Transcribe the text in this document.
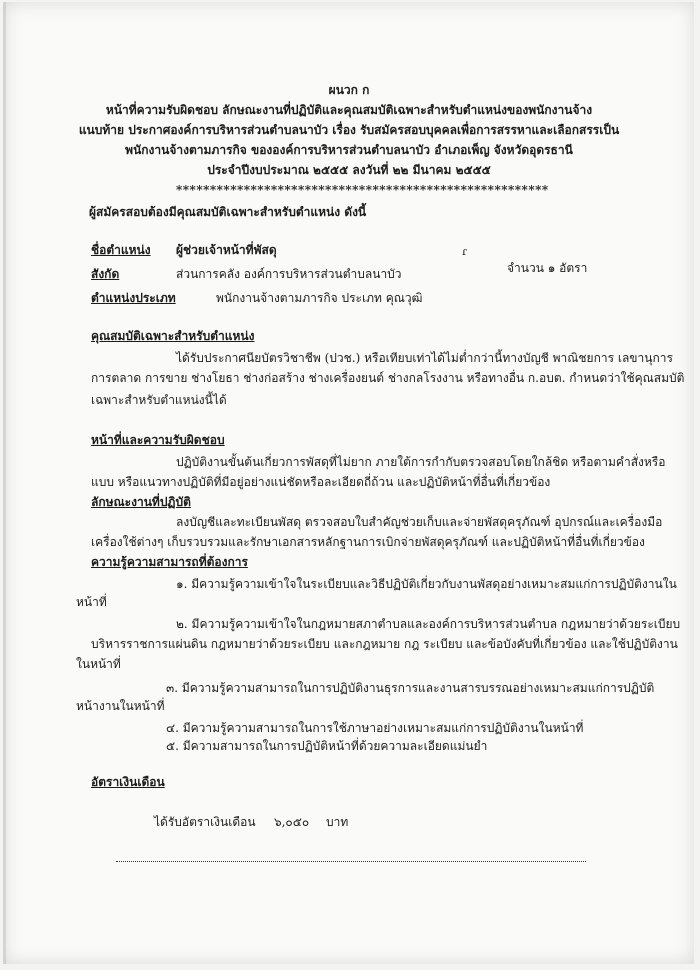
ผนวก ก
หน้าที่ความรับผิดชอบ ลักษณะงานที่ปฏิบัติและคุณสมบัติเฉพาะสำหรับตำแหน่งของพนักงานจ้าง
แนบท้าย ประกาศองค์การบริหารส่วนตำบลนาบัว เรื่อง รับสมัครสอบบุคคลเพื่อการสรรหาและเลือกสรรเป็น
พนักงานจ้างตามภารกิจ ขององค์การบริหารส่วนตำบลนาบัว อำเภอเพ็ญ จังหวัดอุดรธานี
ประจำปีงบประมาณ ๒๕๕๕ ลงวันที่ ๒๒ มีนาคม ๒๕๕๕
*******************************************************
ผู้สมัครสอบต้องมีคุณสมบัติเฉพาะสำหรับตำแหน่ง ดังนี้
ชื่อตำแหน่ง ผู้ช่วยเจ้าหน้าที่พัสดุ	ɾ
จำนวน ๑ อัตรา
สังกัด	ส่วนการคลัง องค์การบริหารส่วนตำบลนาบัว
ตำแหน่งประเภท	พนักงานจ้างตามภารกิจ ประเภท คุณวุฒิ
คุณสมบัติเฉพาะสำหรับตำแหน่ง
ได้รับประกาศนียบัตรวิชาชีพ (ปวช.) หรือเทียบเท่าได้ไม่ต่ำกว่านี้ทางบัญชี พาณิชยการ เลขานุการ
การตลาด การขาย ช่างโยธา ช่างก่อสร้าง ช่างเครื่องยนต์ ช่างกลโรงงาน หรือทางอื่น ก.อบต. กำหนดว่าใช้คุณสมบัติ
เฉพาะสำหรับตำแหน่งนี้ได้
หน้าที่และความรับผิดชอบ
ปฏิบัติงานขั้นต้นเกี่ยวการพัสดุที่ไม่ยาก ภายใต้การกำกับตรวจสอบโดยใกล้ชิด หรือตามคำสั่งหรือ
แบบ หรือแนวทางปฏิบัติที่มีอยู่อย่างแน่ชัดหรือละเอียดถี่ถ้วน และปฏิบัติหน้าที่อื่นที่เกี่ยวข้อง
ลักษณะงานที่ปฏิบัติ
ลงบัญชีและทะเบียนพัสดุ ตรวจสอบใบสำคัญช่วยเก็บและจ่ายพัสดุครุภัณฑ์ อุปกรณ์และเครื่องมือ
เครื่องใช้ต่างๆ เก็บรวบรวมและรักษาเอกสารหลักฐานการเบิกจ่ายพัสดุครุภัณฑ์ และปฏิบัติหน้าที่อื่นที่เกี่ยวข้อง
ความรู้ความสามารถที่ต้องการ
๑. มีความรู้ความเข้าใจในระเบียบและวิธีปฏิบัติเกี่ยวกับงานพัสดุอย่างเหมาะสมแก่การปฏิบัติงานใน
หน้าที่
๒. มีความรู้ความเข้าใจในกฎหมายสภาตำบลและองค์การบริหารส่วนตำบล กฎหมายว่าด้วยระเบียบ
บริหารราชการแผ่นดิน กฎหมายว่าด้วยระเบียบ และกฎหมาย กฎ ระเบียบ และข้อบังคับที่เกี่ยวข้อง และใช้ปฏิบัติงาน
ในหน้าที่
๓. มีความรู้ความสามารถในการปฏิบัติงานธุรการและงานสารบรรณอย่างเหมาะสมแก่การปฏิบัติ
หน้างานในหน้าที่
๔. มีความรู้ความสามารถในการใช้ภาษาอย่างเหมาะสมแก่การปฏิบัติงานในหน้าที่
๕. มีความสามารถในการปฏิบัติหน้าที่ด้วยความละเอียดแม่นยำ
อัตราเงินเดือน
ได้รับอัตราเงินเดือน ๖,๐๕๐ บาท
